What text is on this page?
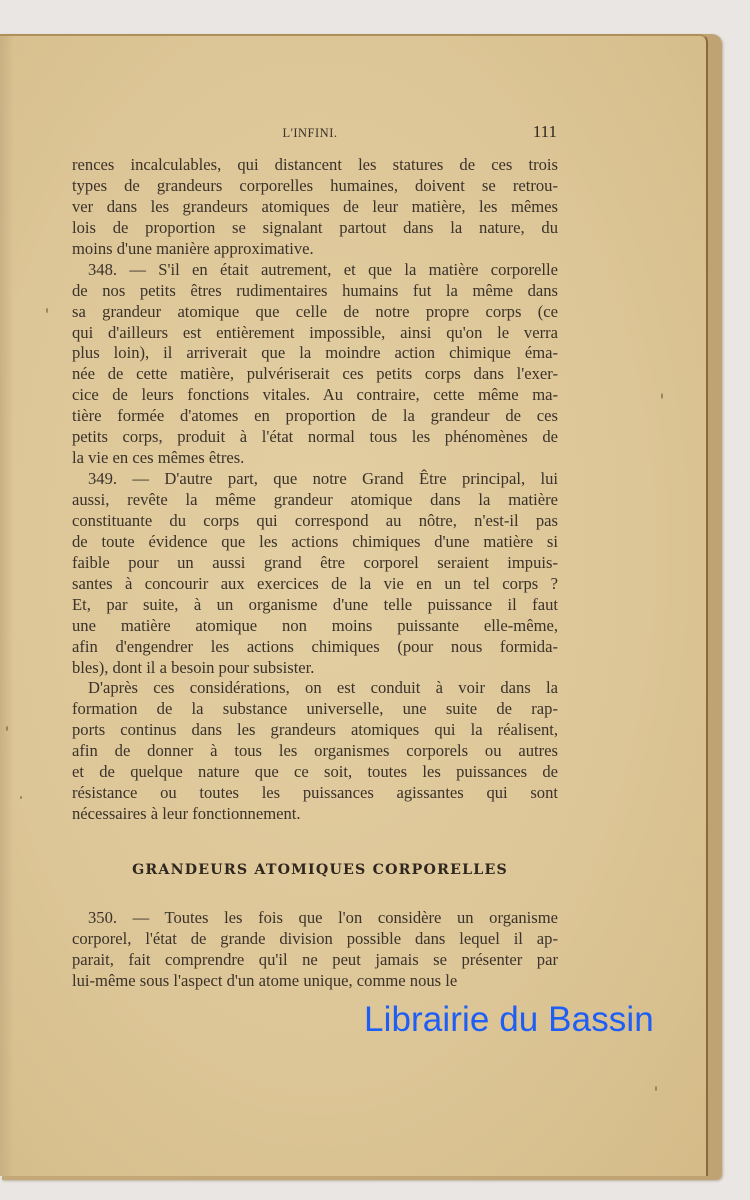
L'INFINI.	111
rences incalculables, qui distancent les statures de ces trois
types de grandeurs corporelles humaines, doivent se retrou-
ver dans les grandeurs atomiques de leur matière, les mêmes
lois de proportion se signalant partout dans la nature, du
moins d'une manière approximative.
348. — S'il en était autrement, et que la matière corporelle
de nos petits êtres rudimentaires humains fut la même dans
sa grandeur atomique que celle de notre propre corps (ce
qui d'ailleurs est entièrement impossible, ainsi qu'on le verra
plus loin), il arriverait que la moindre action chimique éma-
née de cette matière, pulvériserait ces petits corps dans l'exer-
cice de leurs fonctions vitales. Au contraire, cette même ma-
tière formée d'atomes en proportion de la grandeur de ces
petits corps, produit à l'état normal tous les phénomènes de
la vie en ces mêmes êtres.
349. — D'autre part, que notre Grand Être principal, lui
aussi, revête la même grandeur atomique dans la matière
constituante du corps qui correspond au nôtre, n'est-il pas
de toute évidence que les actions chimiques d'une matière si
faible pour un aussi grand être corporel seraient impuis-
santes à concourir aux exercices de la vie en un tel corps ?
Et, par suite, à un organisme d'une telle puissance il faut
une matière atomique non moins puissante elle-même,
afin d'engendrer les actions chimiques (pour nous formida-
bles), dont il a besoin pour subsister.
D'après ces considérations, on est conduit à voir dans la
formation de la substance universelle, une suite de rap-
ports continus dans les grandeurs atomiques qui la réalisent,
afin de donner à tous les organismes corporels ou autres
et de quelque nature que ce soit, toutes les puissances de
résistance ou toutes les puissances agissantes qui sont
nécessaires à leur fonctionnement.
GRANDEURS ATOMIQUES CORPORELLES
350. — Toutes les fois que l'on considère un organisme
corporel, l'état de grande division possible dans lequel il ap-
parait, fait comprendre qu'il ne peut jamais se présenter par
lui-même sous l'aspect d'un atome unique, comme nous le
Librairie du Bassin
